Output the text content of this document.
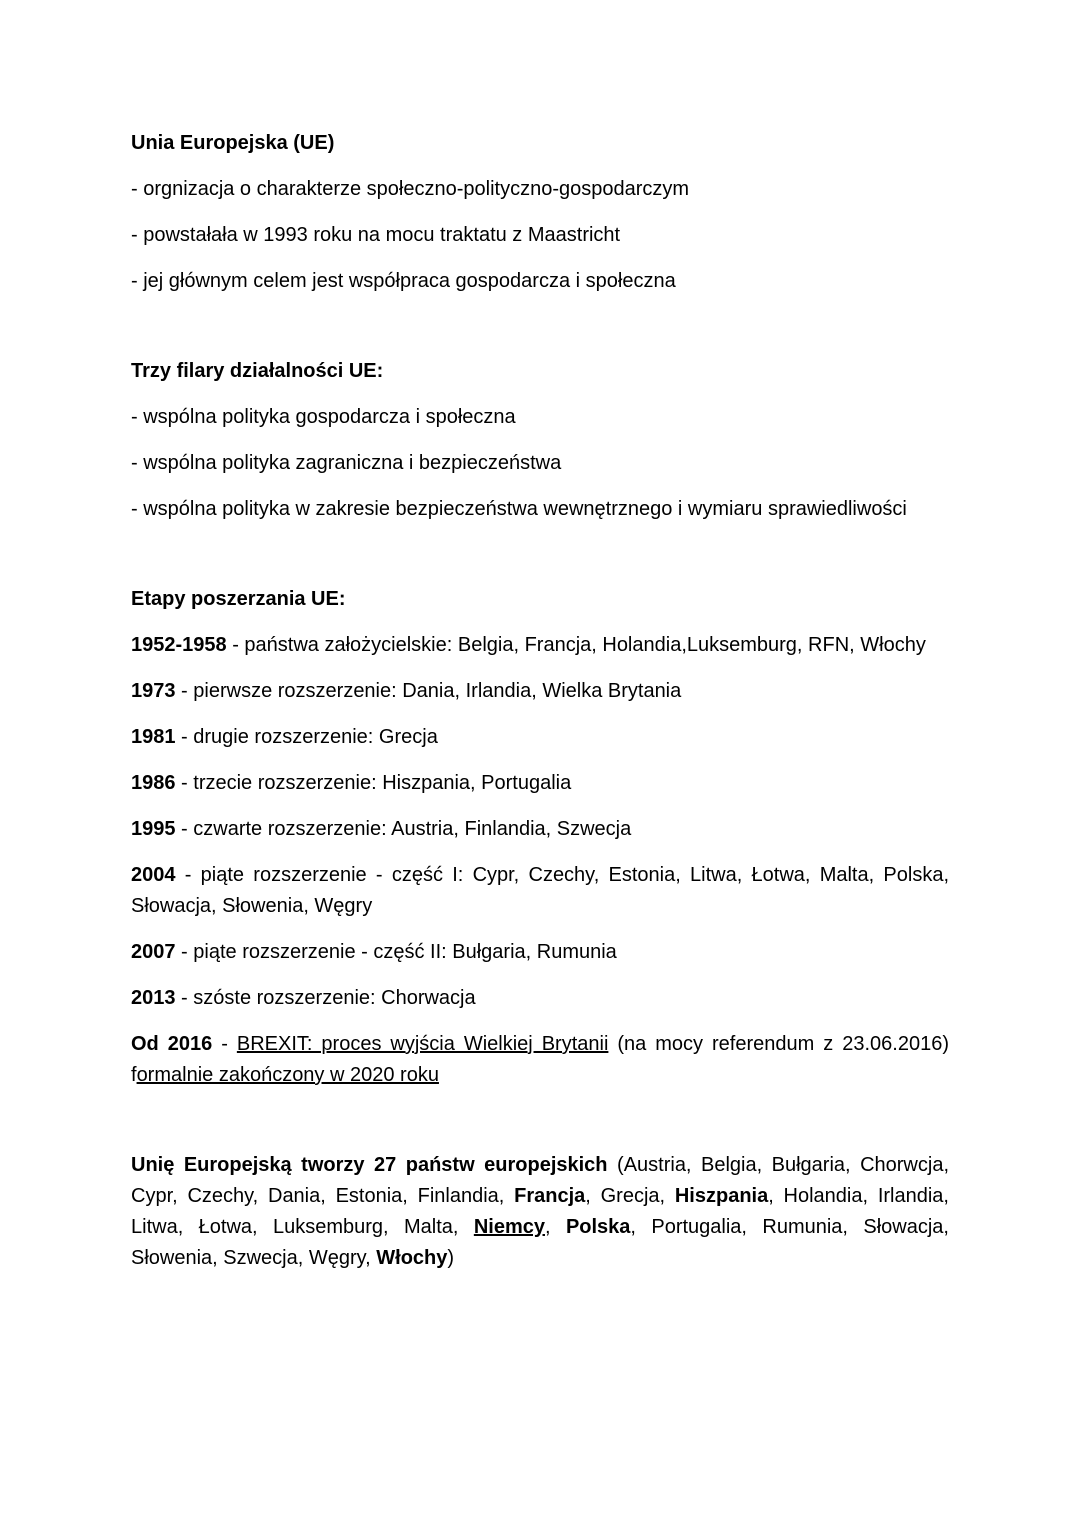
Unia Europejska (UE)

- orgnizacja o charakterze społeczno-polityczno-gospodarczym

- powstałała w 1993 roku na mocu traktatu z Maastricht

- jej głównym celem jest współpraca gospodarcza i społeczna

Trzy filary działalności UE:

- wspólna polityka gospodarcza i społeczna

- wspólna polityka zagraniczna i bezpieczeństwa

- wspólna polityka w zakresie bezpieczeństwa wewnętrznego i wymiaru sprawiedliwości

Etapy poszerzania UE:

1952-1958 - państwa założycielskie: Belgia, Francja, Holandia,Luksemburg, RFN, Włochy

1973 - pierwsze rozszerzenie: Dania, Irlandia, Wielka Brytania

1981 - drugie rozszerzenie: Grecja

1986 - trzecie rozszerzenie: Hiszpania, Portugalia

1995 - czwarte rozszerzenie: Austria, Finlandia, Szwecja

2004 - piąte rozszerzenie - część I: Cypr, Czechy, Estonia, Litwa, Łotwa, Malta, Polska, Słowacja, Słowenia, Węgry

2007 - piąte rozszerzenie - część II: Bułgaria, Rumunia

2013 - szóste rozszerzenie: Chorwacja

Od 2016 - BREXIT: proces wyjścia Wielkiej Brytanii (na mocy referendum z 23.06.2016) formalnie zakończony w 2020 roku

Unię Europejską tworzy 27 państw europejskich (Austria, Belgia, Bułgaria, Chorwcja, Cypr, Czechy, Dania, Estonia, Finlandia, Francja, Grecja, Hiszpania, Holandia, Irlandia, Litwa, Łotwa, Luksemburg, Malta, Niemcy, Polska, Portugalia, Rumunia, Słowacja, Słowenia, Szwecja, Węgry, Włochy)
